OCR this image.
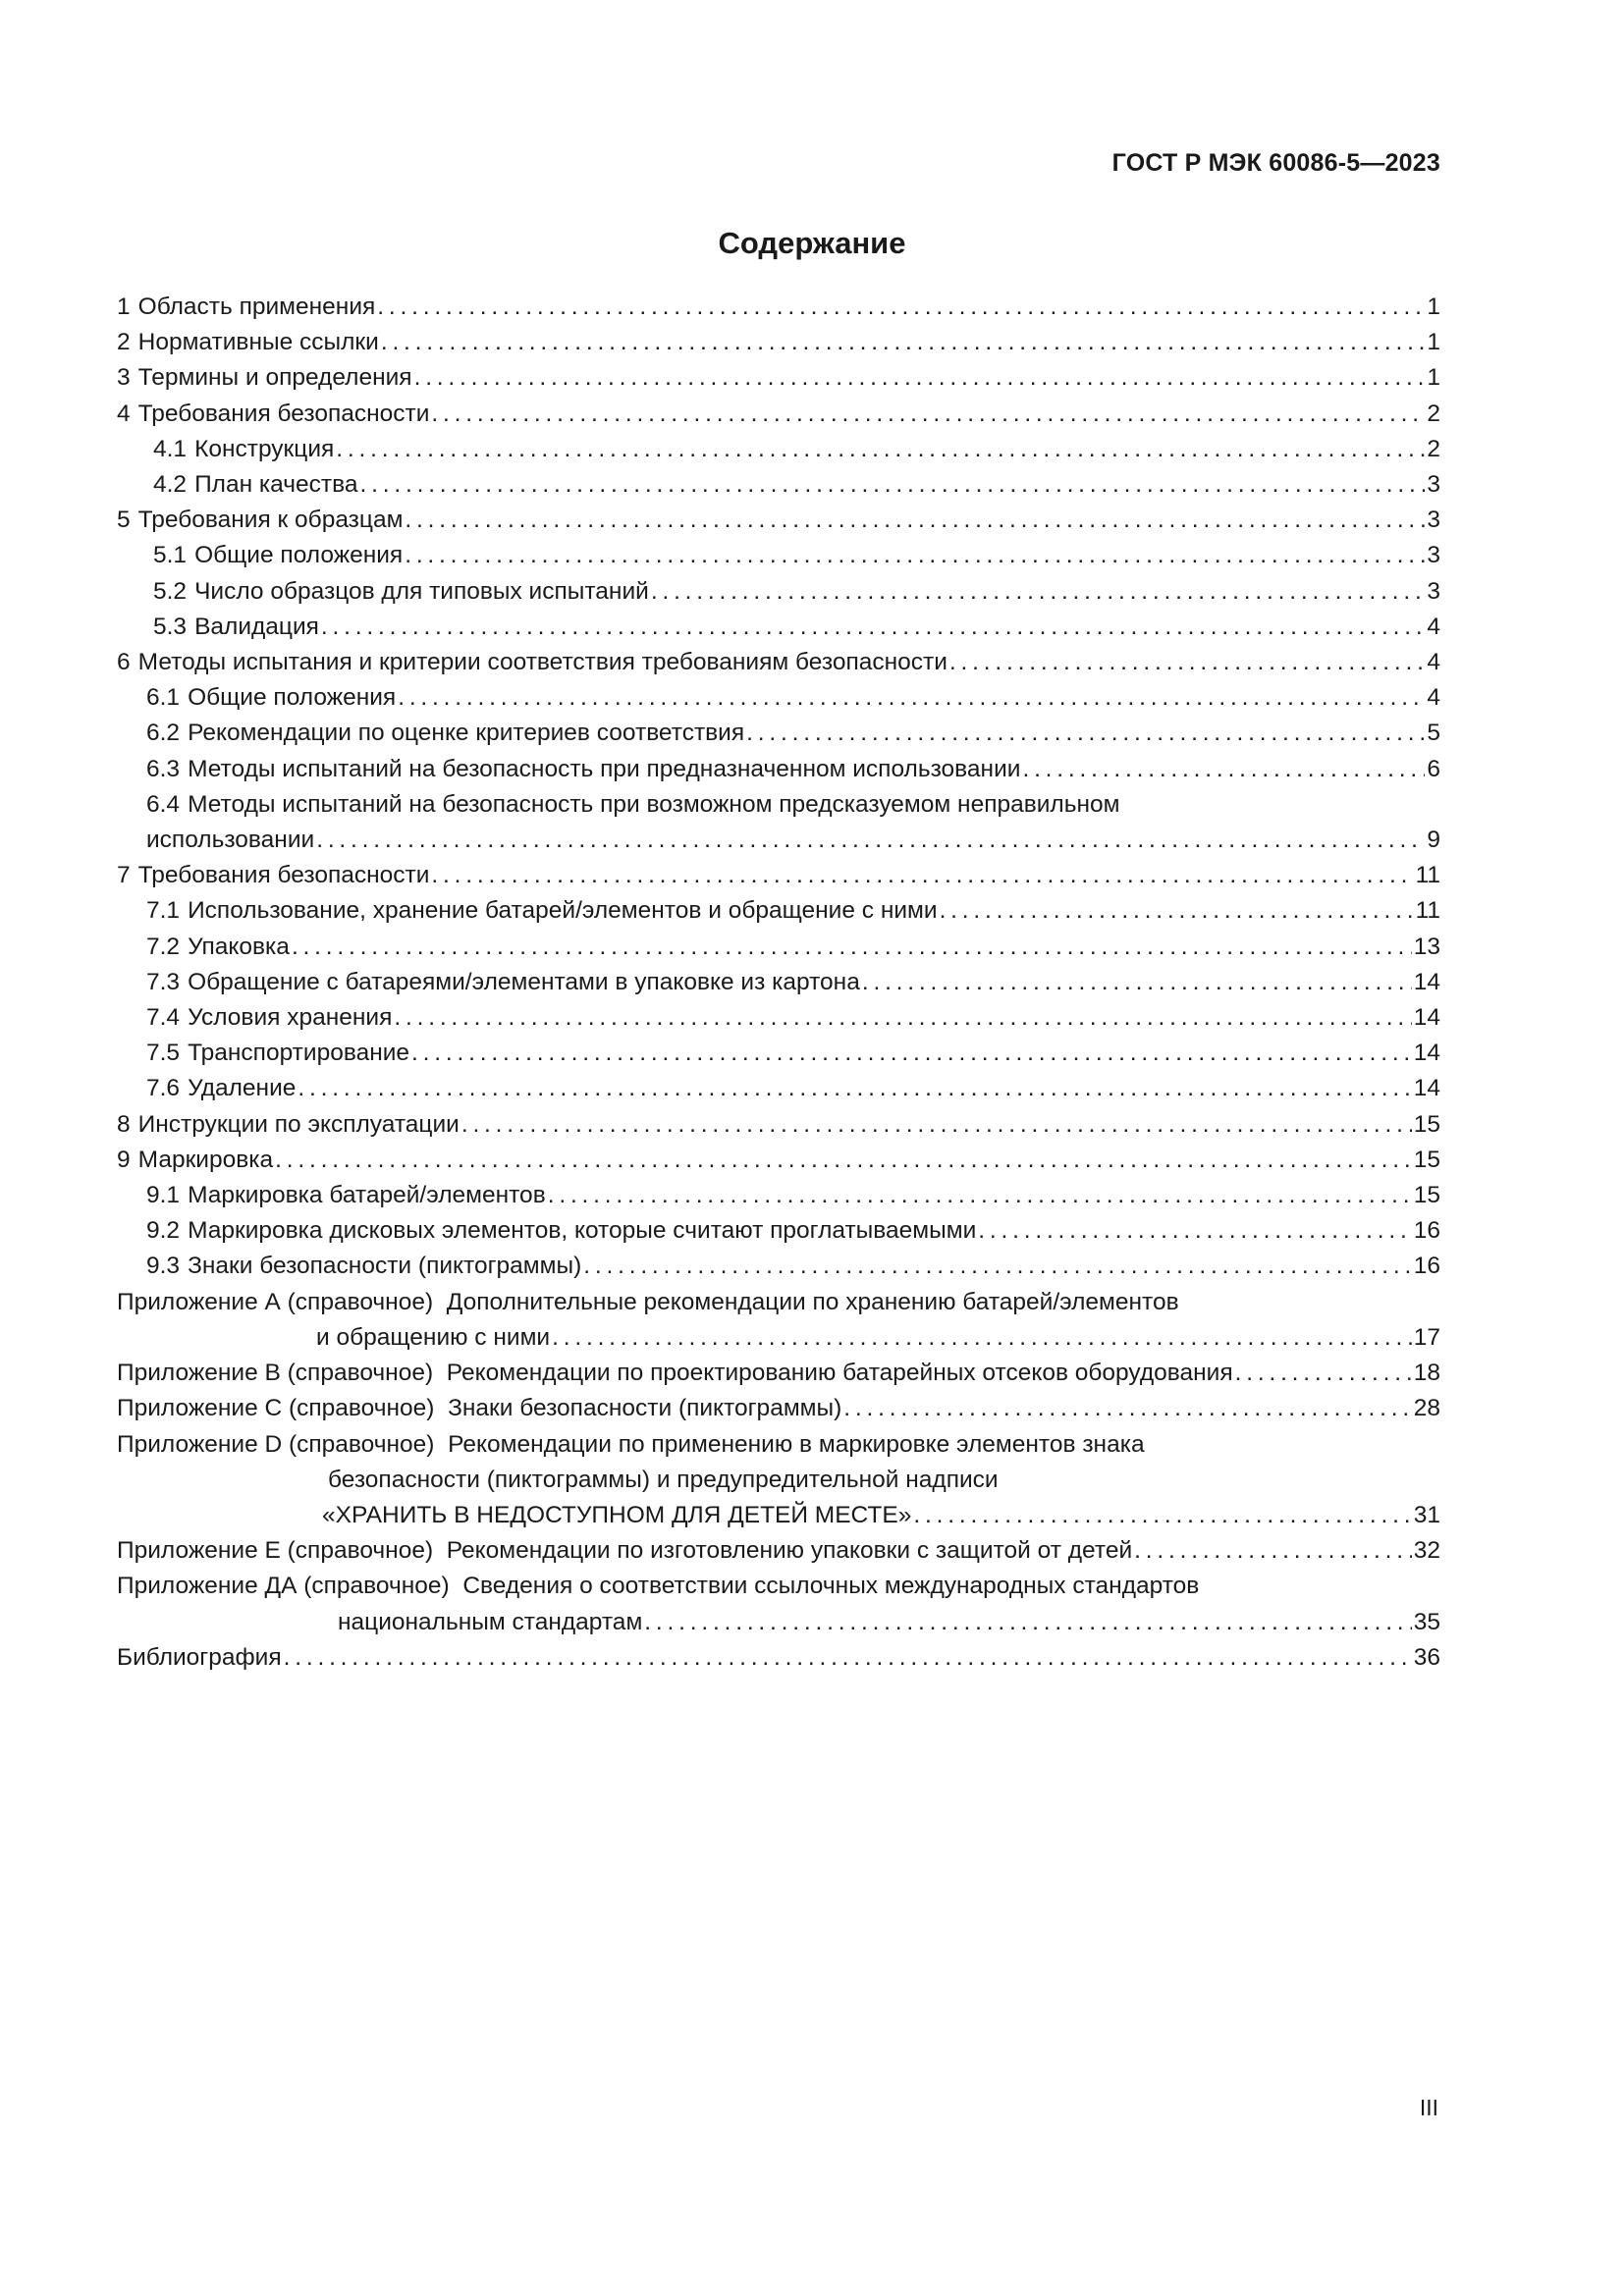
ГОСТ Р МЭК 60086-5—2023
Содержание
1 Область применения . . .	1
2 Нормативные ссылки . . .	1
3 Термины и определения . . .	1
4 Требования безопасности . . .	2
4.1 Конструкция . . .	2
4.2 План качества . . .	3
5 Требования к образцам . . .	3
5.1 Общие положения . . .	3
5.2 Число образцов для типовых испытаний . . .	3
5.3 Валидация . . .	4
6 Методы испытания и критерии соответствия требованиям безопасности . . .	4
6.1 Общие положения . . .	4
6.2 Рекомендации по оценке критериев соответствия . . .	5
6.3 Методы испытаний на безопасность при предназначенном использовании . . .	6
6.4 Методы испытаний на безопасность при возможном предсказуемом неправильном
использовании . . .	9
7 Требования безопасности . . .	11
7.1 Использование, хранение батарей/элементов и обращение с ними . . .	11
7.2 Упаковка . . .	13
7.3 Обращение с батареями/элементами в упаковке из картона . . .	14
7.4 Условия хранения . . .	14
7.5 Транспортирование . . .	14
7.6 Удаление . . .	14
8 Инструкции по эксплуатации . . .	15
9 Маркировка . . .	15
9.1 Маркировка батарей/элементов . . .	15
9.2 Маркировка дисковых элементов, которые считают проглатываемыми . . .	16
9.3 Знаки безопасности (пиктограммы) . . .	16
Приложение А (справочное) Дополнительные рекомендации по хранению батарей/элементов
и обращению с ними . . .	17
Приложение В (справочное) Рекомендации по проектированию батарейных отсеков оборудования . . .	18
Приложение С (справочное) Знаки безопасности (пиктограммы) . . .	28
Приложение D (справочное) Рекомендации по применению в маркировке элементов знака
безопасности (пиктограммы) и предупредительной надписи
«ХРАНИТЬ В НЕДОСТУПНОМ ДЛЯ ДЕТЕЙ МЕСТЕ» . . .	31
Приложение Е (справочное) Рекомендации по изготовлению упаковки с защитой от детей . . .	32
Приложение ДА (справочное) Сведения о соответствии ссылочных международных стандартов
национальным стандартам . . .	35
Библиография . . .	36
III
